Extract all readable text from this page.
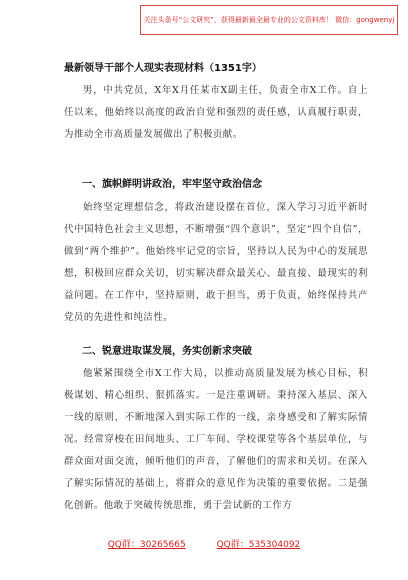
关注头条号“公文研究”，获得最新最全最专业的公文资料库！ 微信：gongwenyj
最新领导干部个人现实表现材料（1351字）

男，中共党员，X年X月任某市X副主任，负责全市X工作。自上任以来，他始终以高度的政治自觉和强烈的责任感，认真履行职责，为推动全市高质量发展做出了积极贡献。

一、旗帜鲜明讲政治，牢牢坚守政治信念

始终坚定理想信念，将政治建设摆在首位，深入学习习近平新时代中国特色社会主义思想，不断增强“四个意识”，坚定“四个自信”，做到“两个维护”。他始终牢记党的宗旨，坚持以人民为中心的发展思想，积极回应群众关切，切实解决群众最关心、最直接、最现实的利益问题。在工作中，坚持原则，敢于担当，勇于负责，始终保持共产党员的先进性和纯洁性。

二、锐意进取谋发展，务实创新求突破

他紧紧围绕全市X工作大局，以推动高质量发展为核心目标，积极谋划、精心组织、狠抓落实。一是注重调研。秉持深入基层、深入一线的原则，不断地深入到实际工作的一线，亲身感受和了解实际情况。经常穿梭在田间地头、工厂车间、学校课堂等各个基层单位，与群众面对面交流，倾听他们的声音，了解他们的需求和关切。在深入了解实际情况的基础上，将群众的意见作为决策的重要依据。二是强化创新。他敢于突破传统思维，勇于尝试新的工作方

QQ群：30265665	QQ群：535304092
